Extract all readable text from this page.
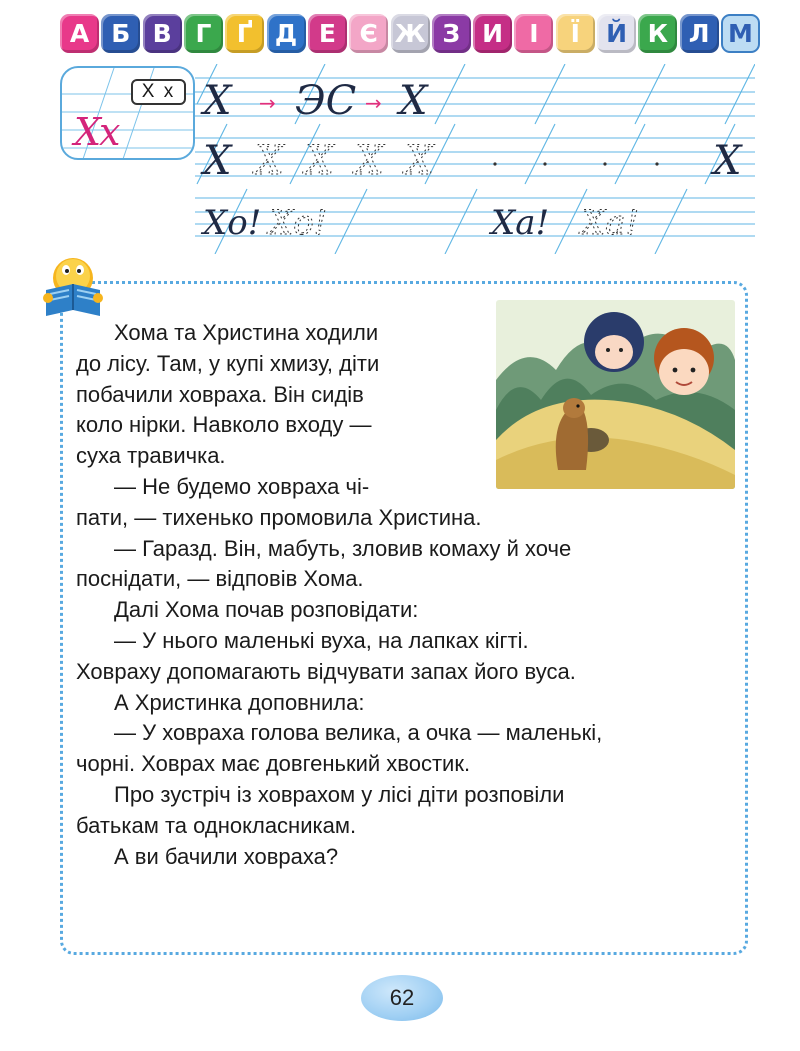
А Б В Г	Ґ Д Е Є Ж З И	І	Ї	Й К Л М
Х х
Хх
Х → ЭС → Х
Х Х Х Х Х	Х
Хо! Хо!	Ха! Ха!
Хома та Христина ходили
до лісу. Там, у купі хмизу, діти
побачили ховраха. Він сидів
коло нірки. Навколо входу —
суха травичка.
— Не будемо ховраха чі-
пати, — тихенько промовила Христина.
— Гаразд. Він, мабуть, зловив комаху й хоче
поснідати, — відповів Хома.
Далі Хома почав розповідати:
— У нього маленькі вуха, на лапках кігті.
Ховраху допомагають відчувати запах його вуса.
А Христинка доповнила:
— У ховраха голова велика, а очка — маленькі,
чорні. Ховрах має довгенький хвостик.
Про зустріч із ховрахом у лісі діти розповіли
батькам та однокласникам.
А ви бачили ховраха?
62
